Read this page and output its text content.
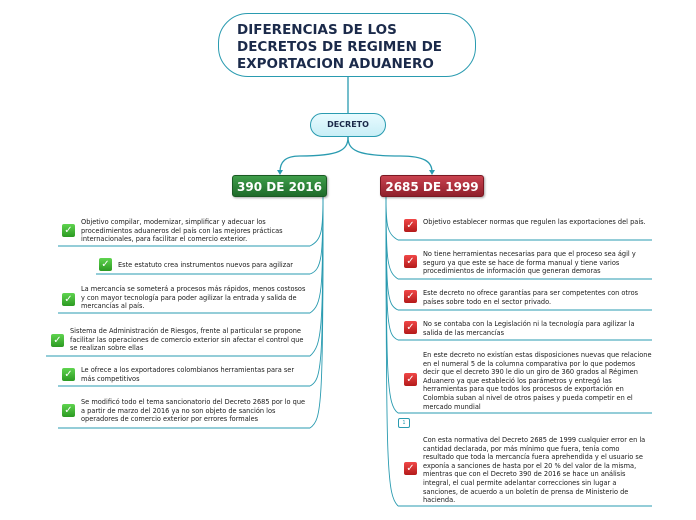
DIFERENCIAS DE LOS DECRETOS DE REGIMEN DE EXPORTACION ADUANERO
DECRETO
390 DE 2016	2685 DE 1999
✓
Objetivo compilar, modernizar, simplificar y adecuar los procedimientos aduaneros del país con las mejores prácticas internacionales, para facilitar el comercio exterior.
✓	Este estatuto crea instrumentos nuevos para agilizar
✓
La mercancía se someterá a procesos más rápidos, menos costosos y con mayor tecnología para poder agilizar la entrada y salida de mercancías al país.
✓
Sistema de Administración de Riesgos, frente al particular se propone facilitar las operaciones de comercio exterior sin afectar el control que se realizan sobre ellas
✓	Le ofrece a los exportadores colombianos herramientas para ser más competitivos
✓
Se modificó todo el tema sancionatorio del Decreto 2685 por lo que a partir de marzo del 2016 ya no son objeto de sanción los operadores de comercio exterior por errores formales
✓	Objetivo establecer normas que regulen las exportaciones del país.
✓
No tiene herramientas necesarias para que el proceso sea ágil y seguro ya que este se hace de forma manual y tiene varios procedimientos de información que generan demoras
✓	Este decreto no ofrece garantías para ser competentes con otros países sobre todo en el sector privado.
✓	No se contaba con la Legislación ni la tecnología para agilizar la salida de las mercancías
✓
En este decreto no existían estas disposiciones nuevas que relacione en el numeral 5 de la columna comparativa por lo que podemos decir que el decreto 390 le dio un giro de 360 grados al Régimen Aduanero ya que estableció los parámetros y entregó las herramientas para que todos los procesos de exportación en Colombia suban al nivel de otros países y pueda competir en el mercado mundial
1
✓
Con esta normativa del Decreto 2685 de 1999 cualquier error en la cantidad declarada, por más mínimo que fuera, tenía como resultado que toda la mercancía fuera aprehendida y el usuario se exponía a sanciones de hasta por el 20 % del valor de la misma, mientras que con el Decreto 390 de 2016 se hace un análisis integral, el cual permite adelantar correcciones sin lugar a sanciones, de acuerdo a un boletín de prensa de Ministerio de hacienda.
